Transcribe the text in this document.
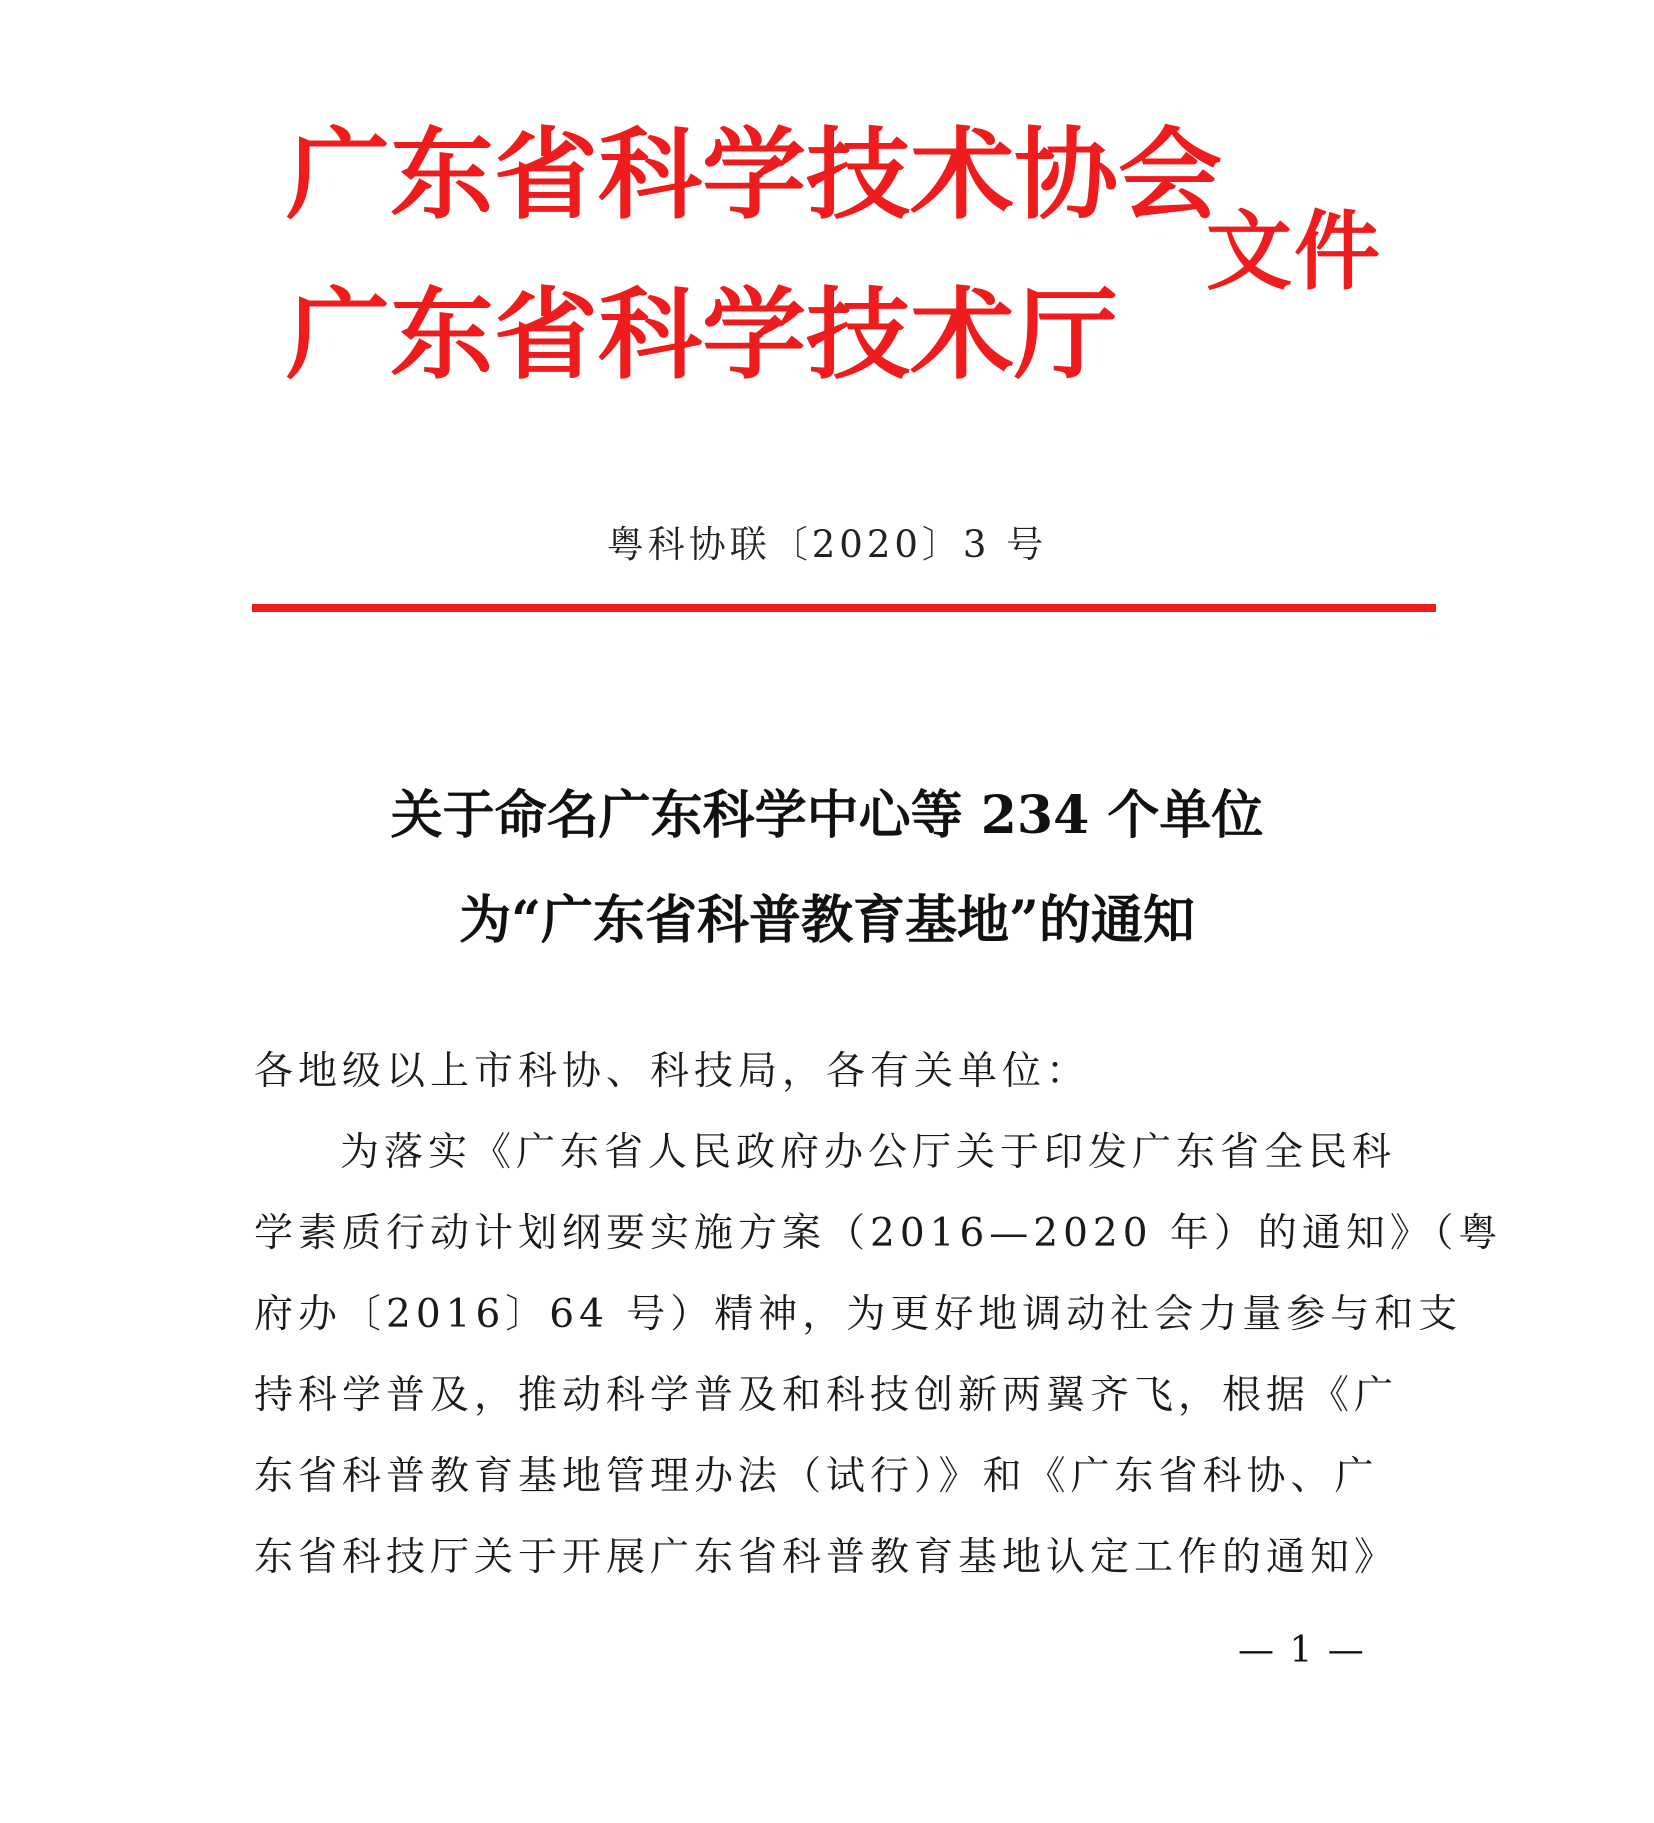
广东省科学技术协会
广东省科学技术厅
文件
粤科协联〔2020〕3 号
关于命名广东科学中心等 234 个单位
为“广东省科普教育基地”的通知
各地级以上市科协、科技局，各有关单位：
为落实《广东省人民政府办公厅关于印发广东省全民科
学素质行动计划纲要实施方案（2016—2020 年）的通知》（粤
府办〔2016〕64 号）精神，为更好地调动社会力量参与和支
持科学普及，推动科学普及和科技创新两翼齐飞，根据《广
东省科普教育基地管理办法（试行）》和《广东省科协、广
东省科技厅关于开展广东省科普教育基地认定工作的通知》
— 1 —
